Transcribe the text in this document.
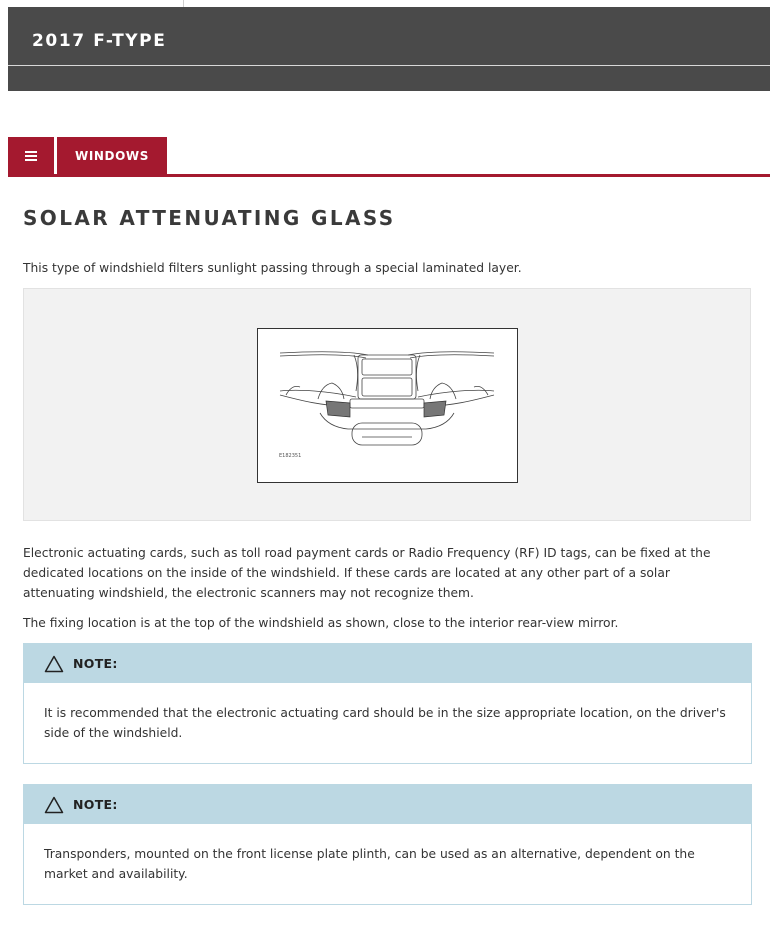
2017 F-TYPE
WINDOWS
SOLAR ATTENUATING GLASS

This type of windshield filters sunlight passing through a special laminated layer.

E182351

Electronic actuating cards, such as toll road payment cards or Radio Frequency (RF) ID tags, can be fixed at the dedicated locations on the inside of the windshield. If these cards are located at any other part of a solar attenuating windshield, the electronic scanners may not recognize them.

The fixing location is at the top of the windshield as shown, close to the interior rear-view mirror.

NOTE:
It is recommended that the electronic actuating card should be in the size appropriate location, on the driver's side of the windshield.
NOTE:
Transponders, mounted on the front license plate plinth, can be used as an alternative, dependent on the market and availability.
